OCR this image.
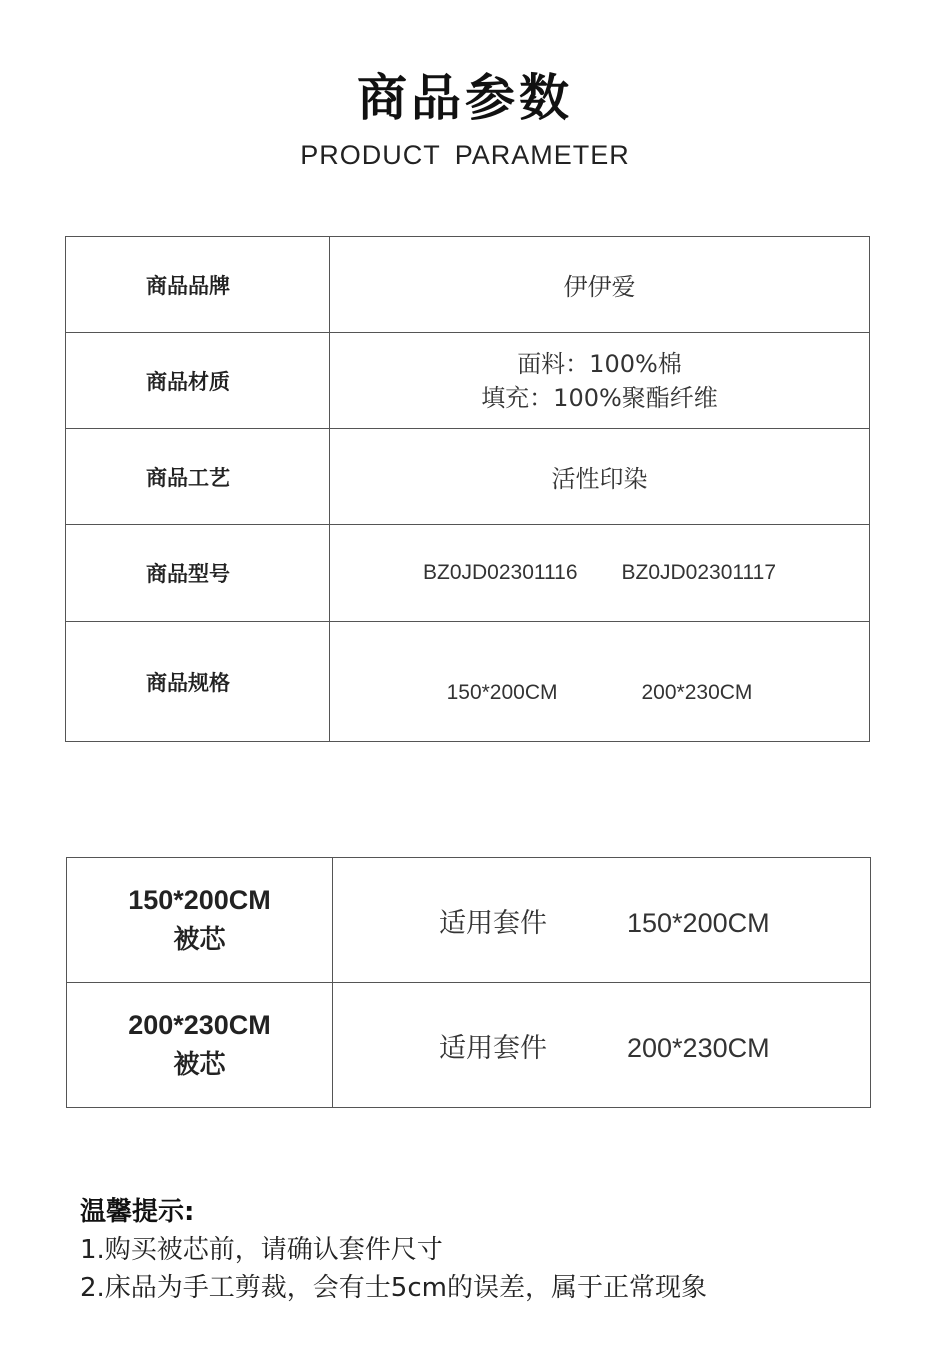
商品参数
PRODUCT PARAMETER
商品品牌	伊伊爱
商品材质	面料：100%棉
填充：100%聚酯纤维

商品工艺	活性印染
商品型号	BZ0JD02301116 BZ0JD02301117

商品规格	150*200CM 200*230CM
150*200CM
被芯	适用套件 150*200CM

200*230CM
被芯	适用套件 200*230CM
温馨提示:
1.购买被芯前，请确认套件尺寸
2.床品为手工剪裁，会有士5cm的误差，属于正常现象
